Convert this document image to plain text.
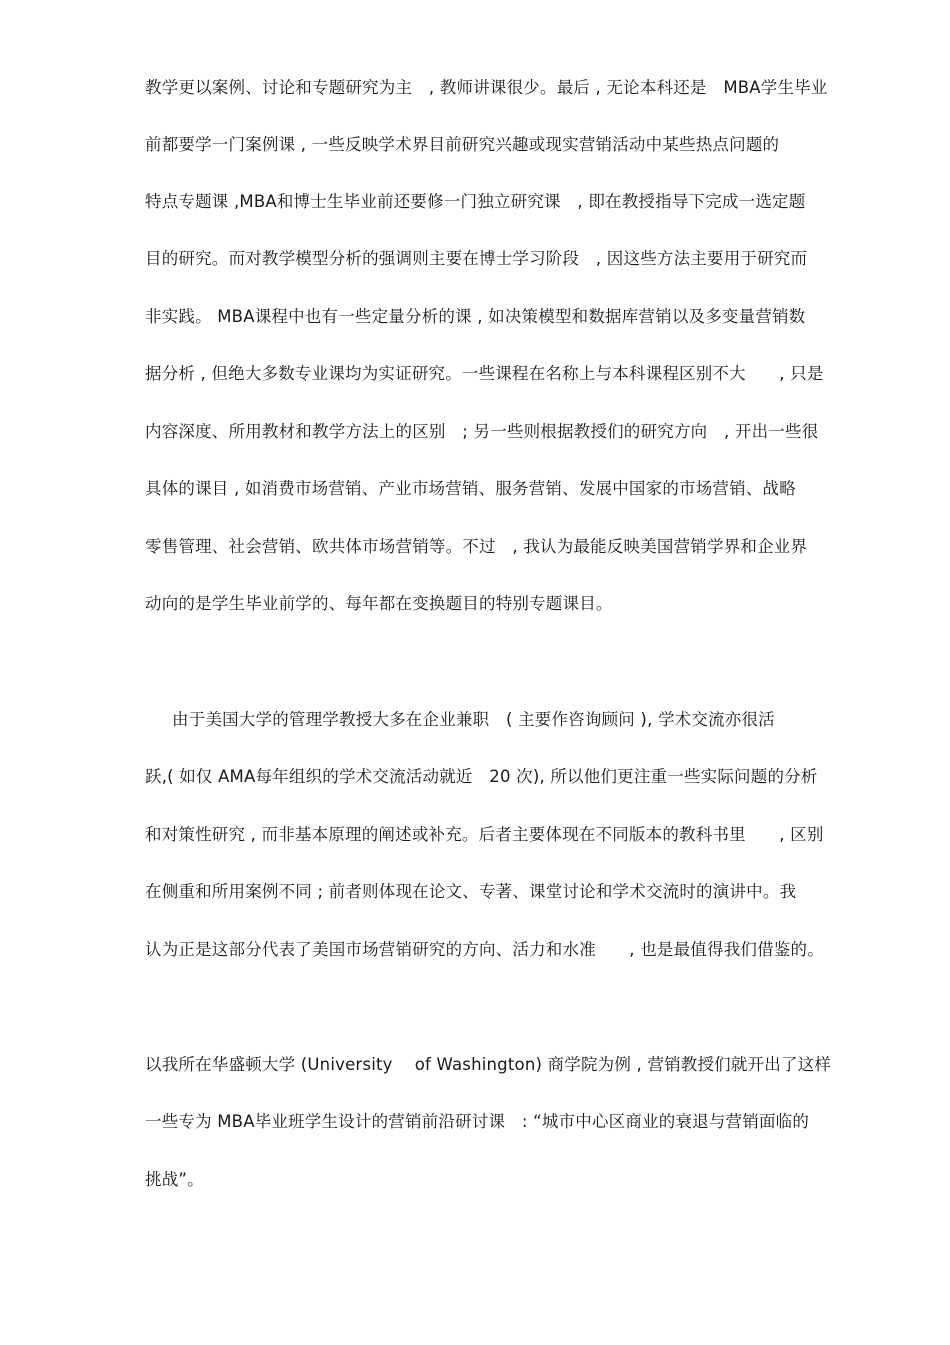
教学更以案例、讨论和专题研究为主　, 教师讲课很少。最后 , 无论本科还是　MBA学生毕业
前都要学一门案例课 , 一些反映学术界目前研究兴趣或现实营销活动中某些热点问题的
特点专题课 ,MBA和博士生毕业前还要修一门独立研究课　, 即在教授指导下完成一选定题
目的研究。而对教学模型分析的强调则主要在博士学习阶段　, 因这些方法主要用于研究而
非实践。 MBA课程中也有一些定量分析的课 , 如决策模型和数据库营销以及多变量营销数
据分析 , 但绝大多数专业课均为实证研究。一些课程在名称上与本科课程区别不大　　, 只是
内容深度、所用教材和教学方法上的区别　; 另一些则根据教授们的研究方向　, 开出一些很
具体的课目 , 如消费市场营销、产业市场营销、服务营销、发展中国家的市场营销、战略
零售管理、社会营销、欧共体市场营销等。不过　, 我认为最能反映美国营销学界和企业界
动向的是学生毕业前学的、每年都在变换题目的特别专题课目。
由于美国大学的管理学教授大多在企业兼职　( 主要作咨询顾问 ), 学术交流亦很活
跃,( 如仅 AMA每年组织的学术交流活动就近　20 次), 所以他们更注重一些实际问题的分析
和对策性研究 , 而非基本原理的阐述或补充。后者主要体现在不同版本的教科书里　　, 区别
在侧重和所用案例不同 ; 前者则体现在论文、专著、课堂讨论和学术交流时的演讲中。我
认为正是这部分代表了美国市场营销研究的方向、活力和水准　　, 也是最值得我们借鉴的。
以我所在华盛顿大学 (University　 of Washington) 商学院为例 , 营销教授们就开出了这样
一些专为 MBA毕业班学生设计的营销前沿研讨课　: “城市中心区商业的衰退与营销面临的
挑战”。
